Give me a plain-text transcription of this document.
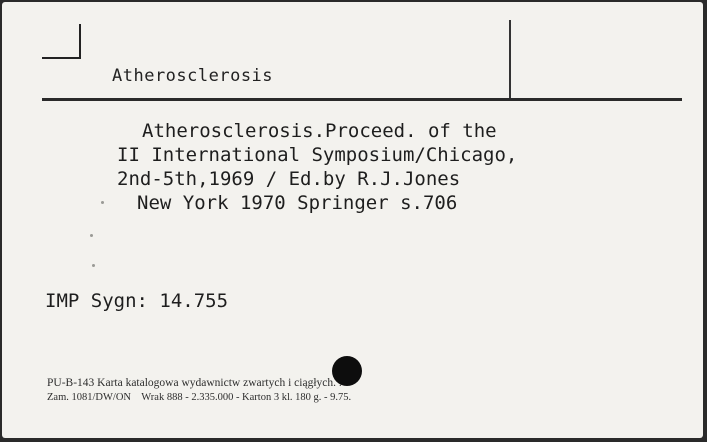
Atherosclerosis
Atherosclerosis.Proceed. of the
II International Symposium/Chicago,
2nd-5th,1969 / Ed.by R.J.Jones
New York 1970 Springer s.706
IMP Sygn: 14.755
PU-B-143 Karta katalogowa wydawnictw zwartych i ciągłych. .
Zam. 1081/DW/ON    Wrak 888 - 2.335.000 - Karton 3 kl. 180 g. - 9.75.
